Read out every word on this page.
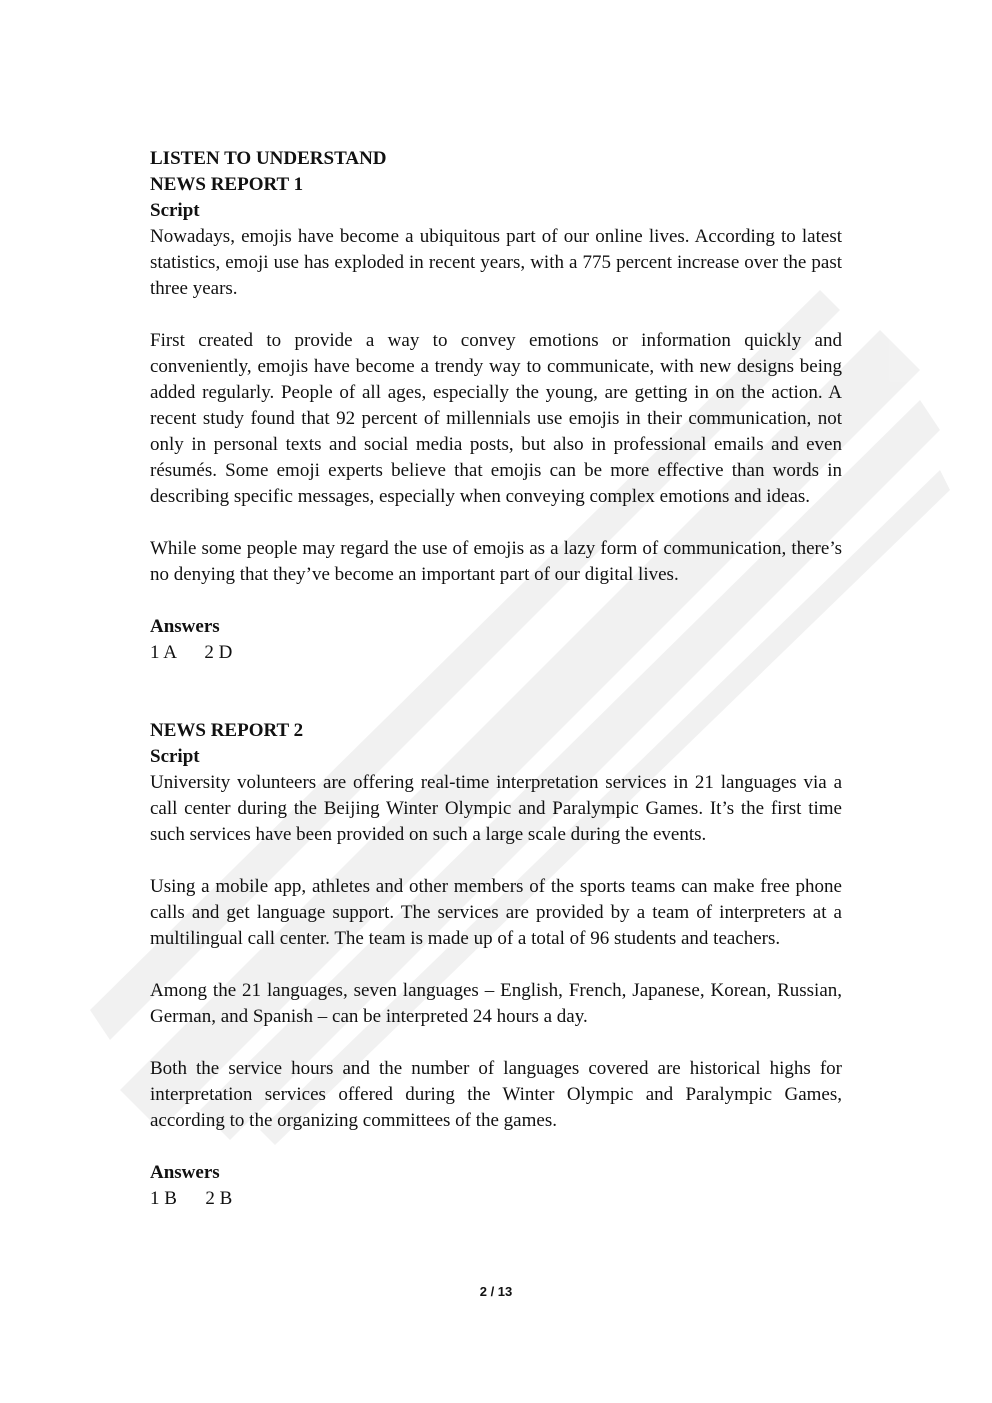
LISTEN TO UNDERSTAND

NEWS REPORT 1

Script

Nowadays, emojis have become a ubiquitous part of our online lives. According to latest statistics, emoji use has exploded in recent years, with a 775 percent increase over the past three years.

First created to provide a way to convey emotions or information quickly and conveniently, emojis have become a trendy way to communicate, with new designs being added regularly. People of all ages, especially the young, are getting in on the action. A recent study found that 92 percent of millennials use emojis in their communication, not only in personal texts and social media posts, but also in professional emails and even résumés. Some emoji experts believe that emojis can be more effective than words in describing specific messages, especially when conveying complex emotions and ideas.

While some people may regard the use of emojis as a lazy form of communication, there’s no denying that they’ve become an important part of our digital lives.

Answers

1 A      2 D

NEWS REPORT 2

Script

University volunteers are offering real-time interpretation services in 21 languages via a call center during the Beijing Winter Olympic and Paralympic Games. It’s the first time such services have been provided on such a large scale during the events.

Using a mobile app, athletes and other members of the sports teams can make free phone calls and get language support. The services are provided by a team of interpreters at a multilingual call center. The team is made up of a total of 96 students and teachers.

Among the 21 languages, seven languages – English, French, Japanese, Korean, Russian, German, and Spanish – can be interpreted 24 hours a day.

Both the service hours and the number of languages covered are historical highs for interpretation services offered during the Winter Olympic and Paralympic Games, according to the organizing committees of the games.

Answers

1 B      2 B

2 / 13
